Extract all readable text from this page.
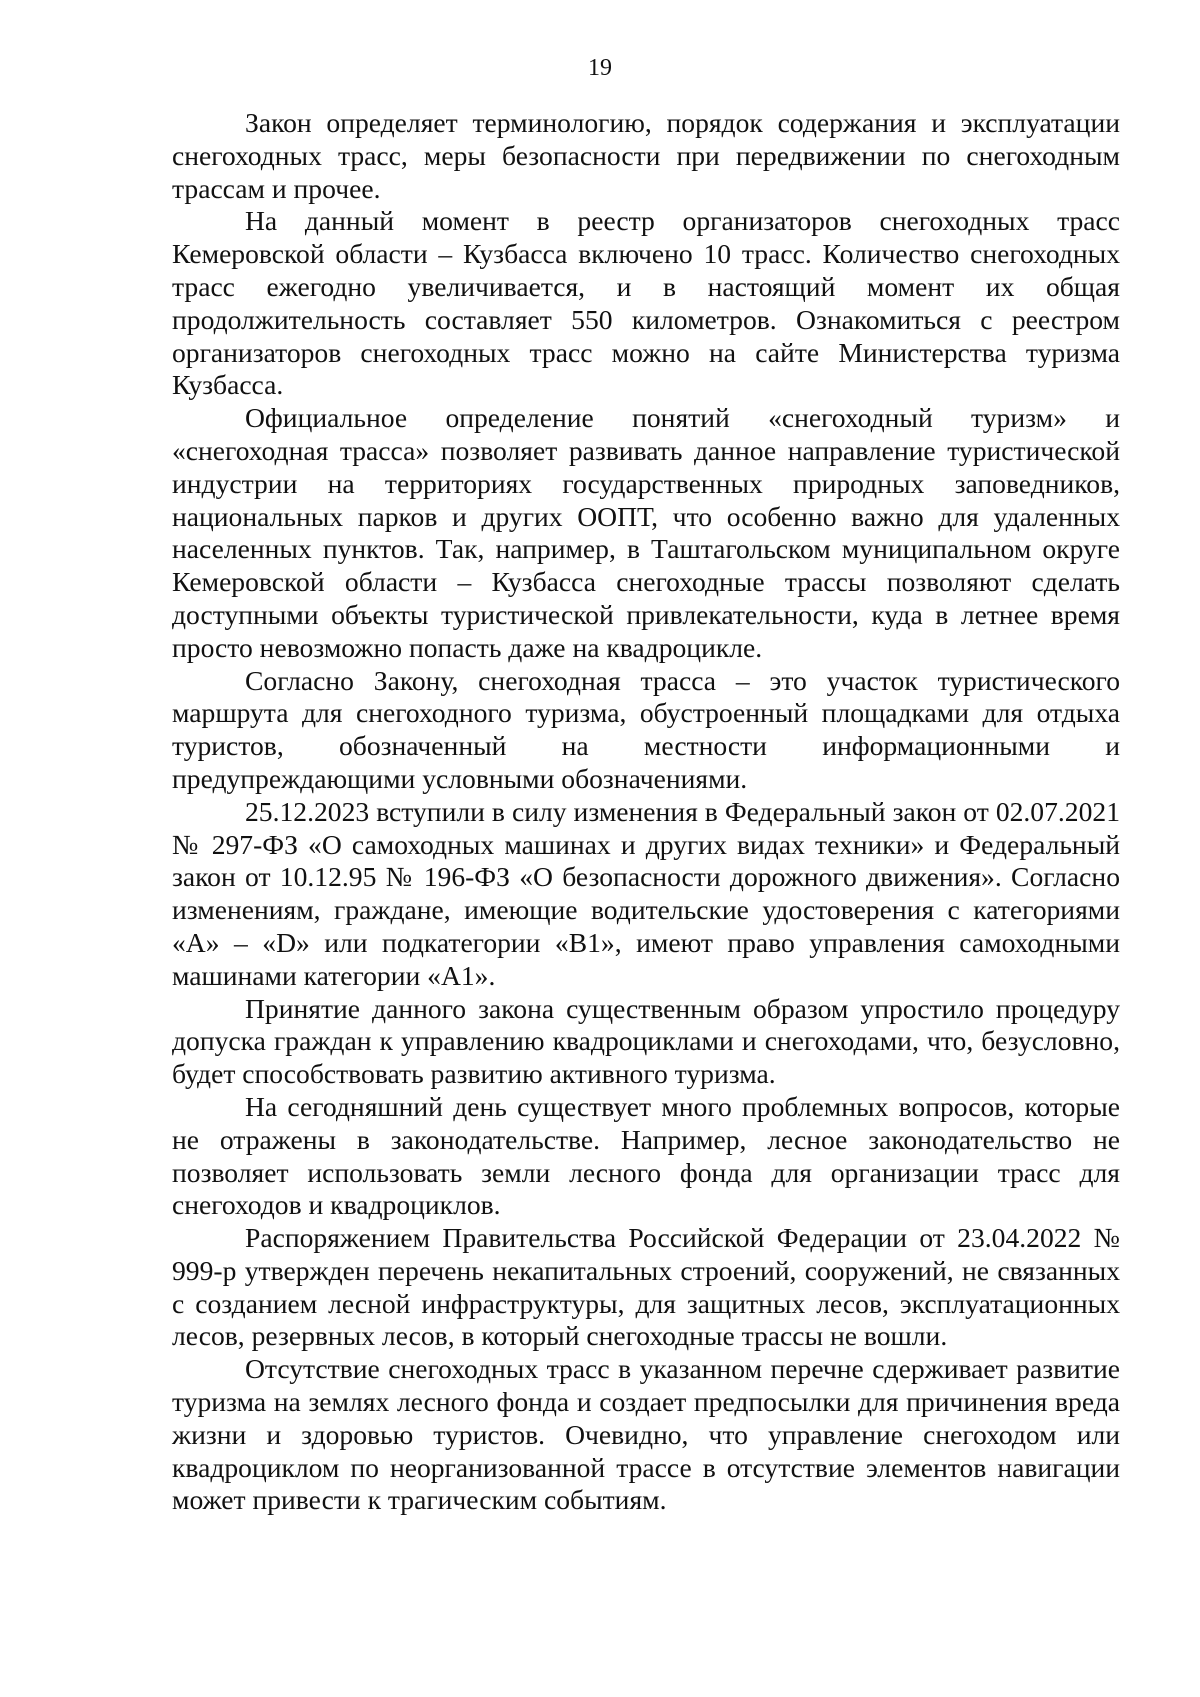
19

Закон определяет терминологию, порядок содержания и эксплуатации снегоходных трасс, меры безопасности при передвижении по снегоходным трассам и прочее.

На данный момент в реестр организаторов снегоходных трасс Кемеровской области – Кузбасса включено 10 трасс. Количество снегоходных трасс ежегодно увеличивается, и в настоящий момент их общая продолжительность составляет 550 километров. Ознакомиться с реестром организаторов снегоходных трасс можно на сайте Министерства туризма Кузбасса.

Официальное определение понятий «снегоходный туризм» и «снегоходная трасса» позволяет развивать данное направление туристической индустрии на территориях государственных природных заповедников, национальных парков и других ООПТ, что особенно важно для удаленных населенных пунктов. Так, например, в Таштагольском муниципальном округе Кемеровской области – Кузбасса снегоходные трассы позволяют сделать доступными объекты туристической привлекательности, куда в летнее время просто невозможно попасть даже на квадроцикле.

Согласно Закону, снегоходная трасса – это участок туристического маршрута для снегоходного туризма, обустроенный площадками для отдыха туристов, обозначенный на местности информационными и предупреждающими условными обозначениями.

25.12.2023 вступили в силу изменения в Федеральный закон от 02.07.2021 № 297-ФЗ «О самоходных машинах и других видах техники» и Федеральный закон от 10.12.95 № 196-ФЗ «О безопасности дорожного движения». Согласно изменениям, граждане, имеющие водительские удостоверения с категориями «А» – «D» или подкатегории «В1», имеют право управления самоходными машинами категории «А1».

Принятие данного закона существенным образом упростило процедуру допуска граждан к управлению квадроциклами и снегоходами, что, безусловно, будет способствовать развитию активного туризма.

На сегодняшний день существует много проблемных вопросов, которые не отражены в законодательстве. Например, лесное законодательство не позволяет использовать земли лесного фонда для организации трасс для снегоходов и квадроциклов.

Распоряжением Правительства Российской Федерации от 23.04.2022 № 999-р утвержден перечень некапитальных строений, сооружений, не связанных с созданием лесной инфраструктуры, для защитных лесов, эксплуатационных лесов, резервных лесов, в который снегоходные трассы не вошли.

Отсутствие снегоходных трасс в указанном перечне сдерживает развитие туризма на землях лесного фонда и создает предпосылки для причинения вреда жизни и здоровью туристов. Очевидно, что управление снегоходом или квадроциклом по неорганизованной трассе в отсутствие элементов навигации может привести к трагическим событиям.
